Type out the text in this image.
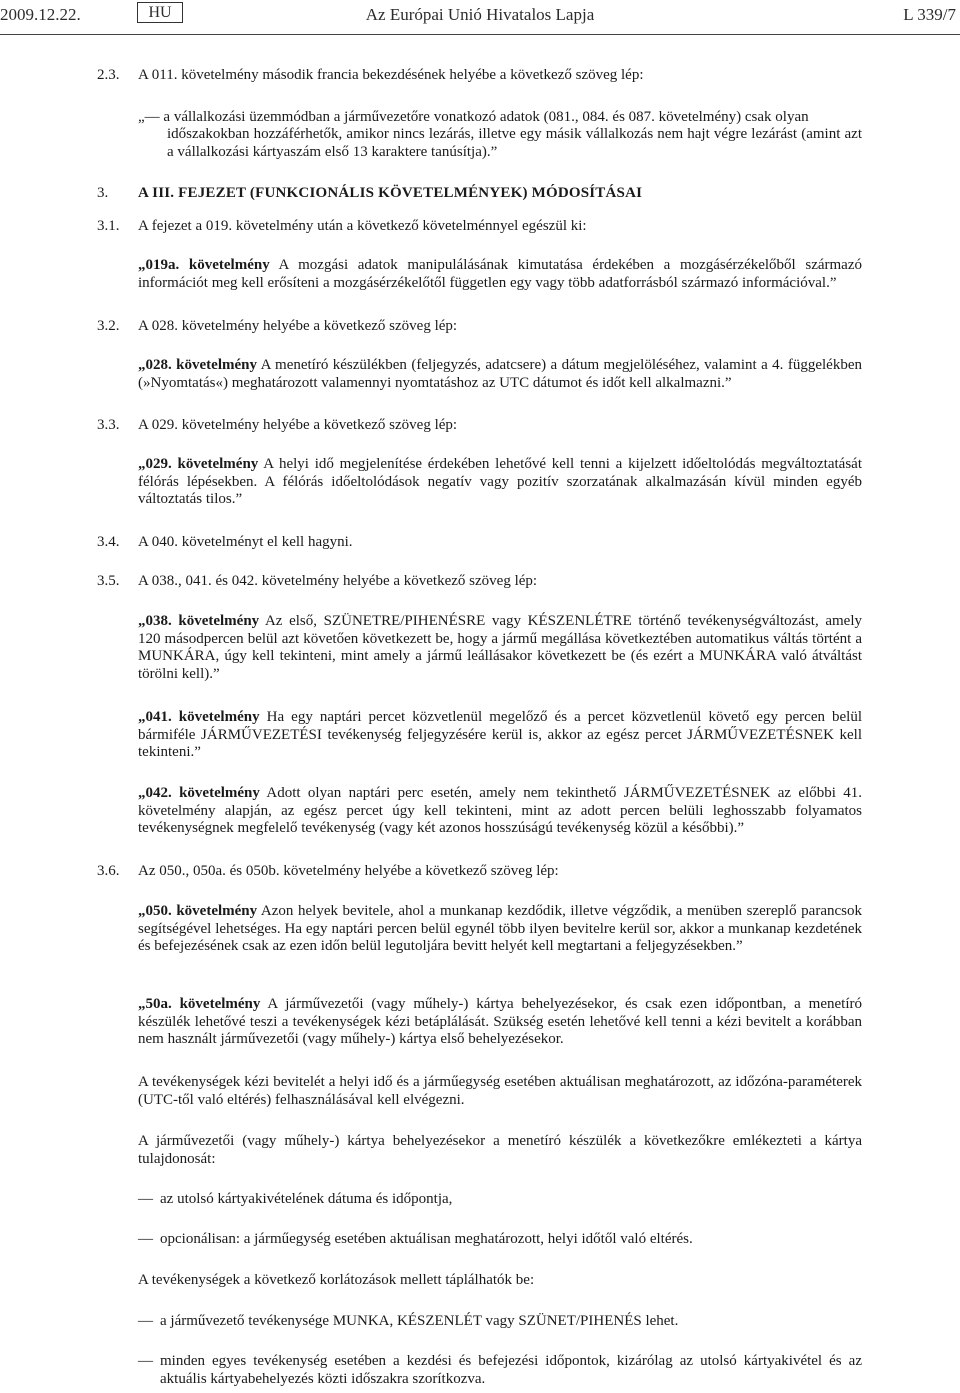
2009.12.22.	HU	Az Európai Unió Hivatalos Lapja	L 339/7

2.3. A 011. követelmény második francia bekezdésének helyébe a következő szöveg lép:

„— a vállalkozási üzemmódban a járművezetőre vonatkozó adatok (081., 084. és 087. követelmény) csak olyan

időszakokban hozzáférhetők, amikor nincs lezárás, illetve egy másik vállalkozás nem hajt végre lezárást (amint azt a vállalkozási kártyaszám első 13 karaktere tanúsítja).”

3. A III. FEJEZET (FUNKCIONÁLIS KÖVETELMÉNYEK) MÓDOSÍTÁSAI

3.1. A fejezet a 019. követelmény után a következő követelménnyel egészül ki:

„019a. követelmény A mozgási adatok manipulálásának kimutatása érdekében a mozgásérzékelőből származó információt meg kell erősíteni a mozgásérzékelőtől független egy vagy több adatforrásból származó információval.”

3.2. A 028. követelmény helyébe a következő szöveg lép:

„028. követelmény A menetíró készülékben (feljegyzés, adatcsere) a dátum megjelöléséhez, valamint a 4. függelékben (»Nyomtatás«) meghatározott valamennyi nyomtatáshoz az UTC dátumot és időt kell alkalmazni.”

3.3. A 029. követelmény helyébe a következő szöveg lép:

„029. követelmény A helyi idő megjelenítése érdekében lehetővé kell tenni a kijelzett időeltolódás megváltoztatását félórás lépésekben. A félórás időeltolódások negatív vagy pozitív szorzatának alkalmazásán kívül minden egyéb változtatás tilos.”

3.4. A 040. követelményt el kell hagyni.

3.5. A 038., 041. és 042. követelmény helyébe a következő szöveg lép:

„038. követelmény Az első, SZÜNETRE/PIHENÉSRE vagy KÉSZENLÉTRE történő tevékenységváltozást, amely 120 másodpercen belül azt követően következett be, hogy a jármű megállása következtében automatikus váltás történt a MUNKÁRA, úgy kell tekinteni, mint amely a jármű leállásakor következett be (és ezért a MUNKÁRA való átváltást törölni kell).”

„041. követelmény Ha egy naptári percet közvetlenül megelőző és a percet közvetlenül követő egy percen belül bármiféle JÁRMŰVEZETÉSI tevékenység feljegyzésére kerül is, akkor az egész percet JÁRMŰVEZETÉSNEK kell tekinteni.”

„042. követelmény Adott olyan naptári perc esetén, amely nem tekinthető JÁRMŰVEZETÉSNEK az előbbi 41. követelmény alapján, az egész percet úgy kell tekinteni, mint az adott percen belüli leghosszabb folyamatos tevékenységnek megfelelő tevékenység (vagy két azonos hosszúságú tevékenység közül a későbbi).”

3.6. Az 050., 050a. és 050b. követelmény helyébe a következő szöveg lép:

„050. követelmény Azon helyek bevitele, ahol a munkanap kezdődik, illetve végződik, a menüben szereplő parancsok segítségével lehetséges. Ha egy naptári percen belül egynél több ilyen bevitelre kerül sor, akkor a munkanap kezdetének és befejezésének csak az ezen időn belül legutoljára bevitt helyét kell megtartani a feljegyzésekben.”

„50a. követelmény A járművezetői (vagy műhely-) kártya behelyezésekor, és csak ezen időpontban, a menetíró készülék lehetővé teszi a tevékenységek kézi betáplálását. Szükség esetén lehetővé kell tenni a kézi bevitelt a korábban nem használt járművezetői (vagy műhely-) kártya első behelyezésekor.

A tevékenységek kézi bevitelét a helyi idő és a járműegység esetében aktuálisan meghatározott, az időzóna-paraméterek (UTC-től való eltérés) felhasználásával kell elvégezni.

A járművezetői (vagy műhely-) kártya behelyezésekor a menetíró készülék a következőkre emlékezteti a kártya tulajdonosát:

— az utolsó kártyakivételének dátuma és időpontja,

— opcionálisan: a járműegység esetében aktuálisan meghatározott, helyi időtől való eltérés.

A tevékenységek a következő korlátozások mellett táplálhatók be:

— a járművezető tevékenysége MUNKA, KÉSZENLÉT vagy SZÜNET/PIHENÉS lehet.

— minden egyes tevékenység esetében a kezdési és befejezési időpontok, kizárólag az utolsó kártyakivétel és az aktuális kártyabehelyezés közti időszakra szorítkozva.
